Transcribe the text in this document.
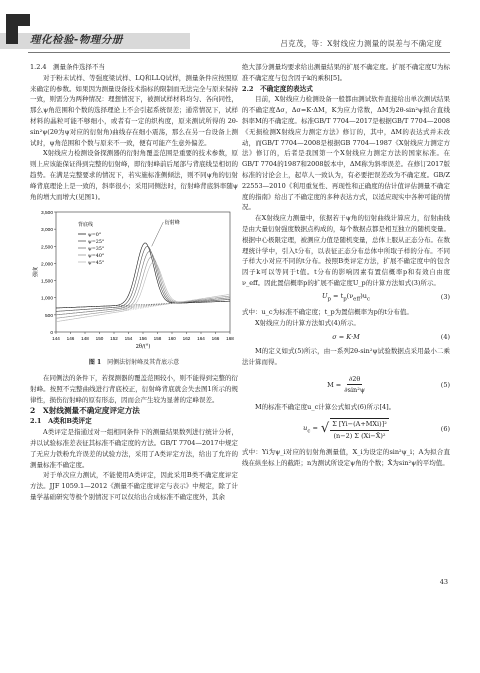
理化检验-物理分册	吕克茂，等：X射线应力测量的误差与不确定度

1.2.4　测量条件选择不当

对于粉末试样、等强度梁试样、LQ和LLQ试样，测量条件应按照原来确定的参数。如果因为测量设备技术指标的限制而无法完全与原来保持一致，则需分为两种情况：理想情况下，被测试样材料均匀、各向同性，那么ψ角范围和个数的选择理论上不会引起系统误差；通常情况下，试样材料的晶粒可能不够细小，或者有一定的织构度，原来测试所得的 2θ-sin²ψ(2θ为ψ对应的衍射角)曲线存在细小震荡，那么在另一台设备上测试时，ψ角范围和个数与原来不一致，便有可能产生意外偏差。

X射线应力检测设备探测器的衍射角覆盖范围是重要的技术参数，原则上应该能保证得到完整的衍射峰，即衍射峰前后尾部与背底线呈相切的趋势。在满足完整要求的情况下，若实施标准侧倾法，则不同ψ角的衍射峰背底理论上是一致的，斜率很小；采用同侧法时，衍射峰背底斜率随ψ角的增大而增大(见图1)。

0
500
1,000
1,500
2,000
2,500
3,000
3,500
144 146 148 150 152 154 156 158 160 162 164 166 168
2θ/(°)
强度
ψ=0°
ψ=25°
ψ=35°
ψ=40°
ψ=45°
背底线	衍射峰
图 1 同侧法衍射峰及其背底示意

在同侧法的条件下，若探测器的覆盖范围较小，则不能得到完整的衍射峰。按照不完整曲线进行背底校正，衍射峰背底就会失去图1所示的规律性，损伤衍射峰的原有形态，因而会产生较为显著的定峰误差。

2　X射线测量不确定度评定方法

2.1　A类和B类评定

A类评定是指通过对一组相同条件下的测量结果数列进行统计分析，并以试验标准差表征其标准不确定度的方法。GB/T 7704—2017中规定了无应力铁粉允许误差的试验方法，采用了A类评定方法，给出了允许的测量标准不确定度。

对于单次应力测试，不能使用A类评定，因此采用B类不确定度评定方法。JJF 1059.1—2012《测量不确定度评定与表示》中规定，除了计量学基础研究等极个别情况下可以仅给出合成标准不确定度外，其余

绝大部分测量均要求给出测量结果的扩展不确定度。扩展不确定度U为标准不确定度与包含因子k的乘积[5]。

2.2　不确定度的表达式

目前，X射线应力检测设备一般都由测试软件直接给出单次测试结果的不确定度Δσ，Δσ=K·ΔM，K为应力常数，ΔM为2θ-sin²ψ拟合直线斜率M的不确定度。标准GB/T 7704—2017是根据GB/T 7704—2008《无损检测X射线应力测定方法》修订的，其中，ΔM的表达式并未改动，而GB/T 7704—2008是根据GB 7704—1987《X射线应力测定方法》修订的，后者是我国第一个X射线应力测定方法的国家标准。在GB/T 7704的1987和2008版本中，ΔM称为斜率误差。在修订2017版标准的讨论会上，起草人一致认为，有必要把误差改为不确定度。GB/Z 22553—2010《利用重复性、再现性和正确度的估计值评估测量不确定度的指南》给出了不确定度的多种表达方式，以适应现实中各种可能的情况。

在X射线应力测量中，依据若干ψ角的衍射曲线计算应力，衍射曲线是由大量衍射强度数据点构成的，每个数据点都是相互独立的随机变量。根据中心极限定理，被测应力值是随机变量，总体上服从正态分布。在数理统计学中，引入t分布，以表征正态分布总体中所取子样的分布。不同子样大小对应不同的t分布。按照B类评定方法，扩展不确定度中的包含因子k可以等同于t值。t分布的影响因素有置信概率p和有效自由度ν_eff。因此置信概率p的扩展不确定度U_p的计算方法如式(3)所示。

$U_p = t_p(\nu_{eff})u_c$	(3)

式中：u_c为标准不确定度；t_p为置信概率为p的t分布值。

X射线应力的计算方法如式(4)所示。

σ = K·M	(4)

M的定义如式(5)所示，由一系列2θ-sin²ψ试验数据点采用最小二乘法计算而得。

$M = \frac{\partial 2\theta}{\text{∂sin²ψ}}$	(5)

M的标准不确定度u_c计算公式如式(6)所示[4]。

$u_c$ = √ $\frac{\text{Σ [Yi−(A+MXi)]²}}{\text{(n−2) Σ (Xi−X̄)²}}$	(6)

式中：Yi为ψ_i对应的衍射角测量值，X_i为设定的sin²ψ_i；A为拟合直线在纵坐标上的截距；n为测试所设定ψ角的个数；X̄为sin²ψ的平均值。

43
